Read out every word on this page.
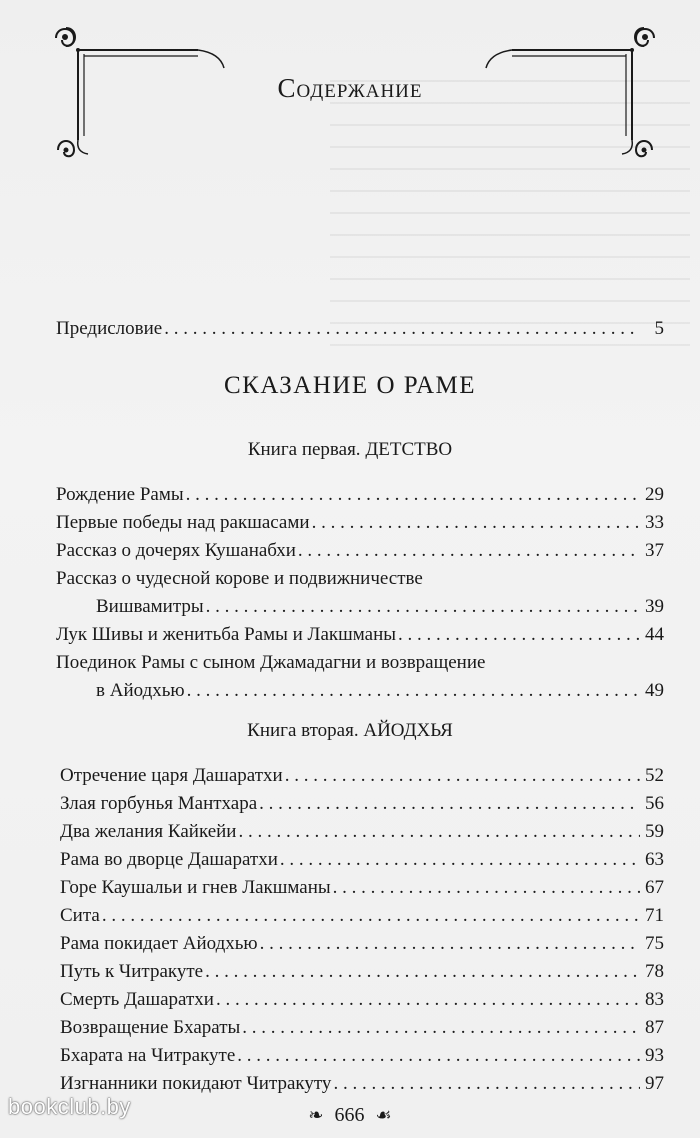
Содержание
Предисловие . . .	5
СКАЗАНИЕ О РАМЕ
Книга первая. ДЕТСТВО
Рождение Рамы . . .	29
Первые победы над ракшасами . . .	33
Рассказ о дочерях Кушанабхи . . .	37
Рассказ о чудесной корове и подвижничестве
Вишвамитры . . .	39
Лук Шивы и женитьба Рамы и Лакшманы . . .	44
Поединок Рамы с сыном Джамадагни и возвращение
в Айодхью . . .	49
Книга вторая. АЙОДХЬЯ
Отречение царя Дашаратхи . . .	52
Злая горбунья Мантхара . . .	56
Два желания Кайкейи . . .	59
Рама во дворце Дашаратхи . . .	63
Горе Каушальи и гнев Лакшманы . . .	67
Сита . . .	71
Рама покидает Айодхью . . .	75
Путь к Читракуте . . .	78
Смерть Дашаратхи . . .	83
Возвращение Бхараты . . .	87
Бхарата на Читракуте . . .	93
Изгнанники покидают Читракуту . . .	97
❧ 666 ☙
bookclub.by
